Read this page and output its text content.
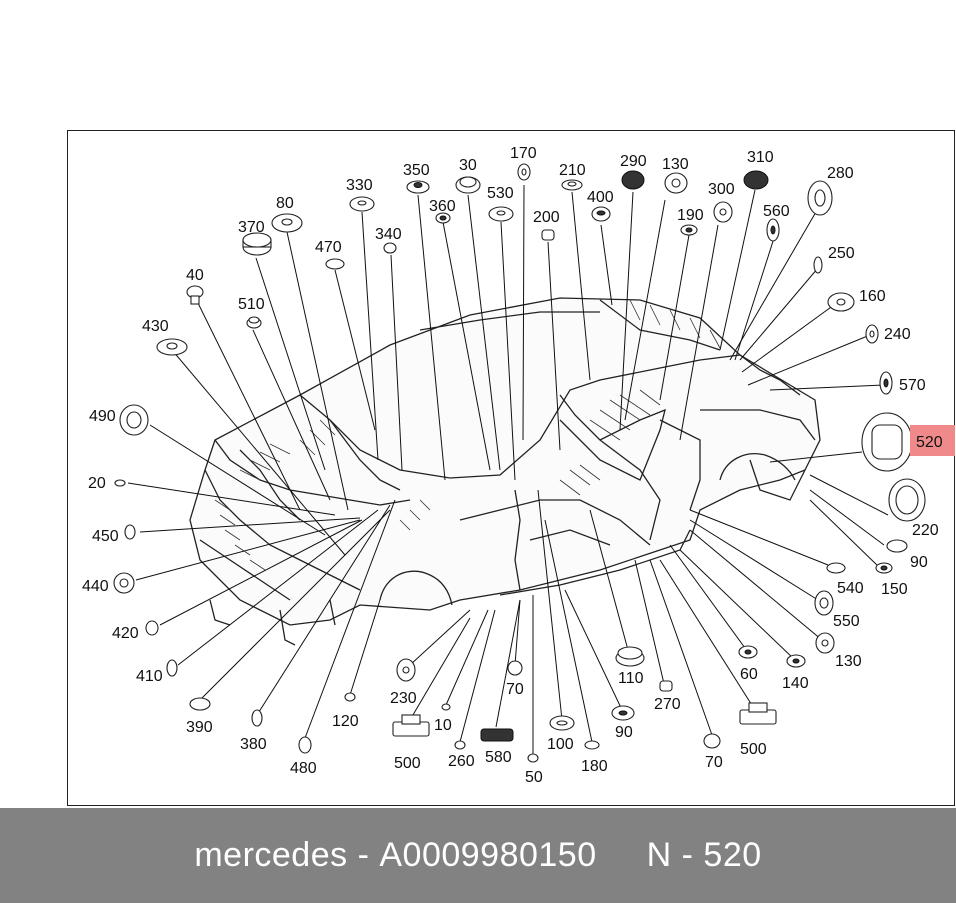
170
350 30	210
290 130	310
280
330	530	400	300
80	360
200	190	560
370	340
470	250
40
160
510
430	240
570
490
520
20
220
450
90
440	540 150
420
550
410
130
60
110
70
230
140
390
270
120	10
380	100
90
500
500
580
260
480	180	70
50
mercedes
-
A0009980150 N - 520
